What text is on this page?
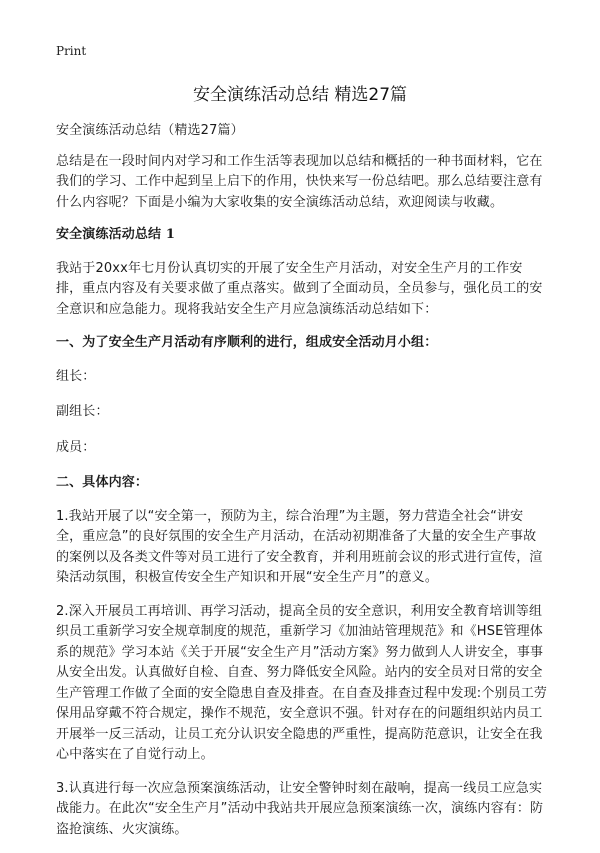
Print
安全演练活动总结 精选27篇

安全演练活动总结（精选27篇）

总结是在一段时间内对学习和工作生活等表现加以总结和概括的一种书面材料，它在我们的学习、工作中起到呈上启下的作用，快快来写一份总结吧。那么总结要注意有什么内容呢？下面是小编为大家收集的安全演练活动总结，欢迎阅读与收藏。

安全演练活动总结 1

我站于20xx年七月份认真切实的开展了安全生产月活动，对安全生产月的工作安排，重点内容及有关要求做了重点落实。做到了全面动员，全员参与，强化员工的安全意识和应急能力。现将我站安全生产月应急演练活动总结如下：

一、为了安全生产月活动有序顺利的进行，组成安全活动月小组：

组长：

副组长：

成员：

二、具体内容：

1.我站开展了以“安全第一，预防为主，综合治理”为主题，努力营造全社会“讲安全，重应急”的良好氛围的安全生产月活动，在活动初期准备了大量的安全生产事故的案例以及各类文件等对员工进行了安全教育，并利用班前会议的形式进行宣传，渲染活动氛围，积极宣传安全生产知识和开展“安全生产月”的意义。

2.深入开展员工再培训、再学习活动，提高全员的安全意识，利用安全教育培训等组织员工重新学习安全规章制度的规范，重新学习《加油站管理规范》和《HSE管理体系的规范》学习本站《关于开展“安全生产月”活动方案》努力做到人人讲安全，事事从安全出发。认真做好自检、自查、努力降低安全风险。站内的安全员对日常的安全生产管理工作做了全面的安全隐患自查及排查。在自查及排查过程中发现:个别员工劳保用品穿戴不符合规定，操作不规范，安全意识不强。针对存在的问题组织站内员工开展举一反三活动，让员工充分认识安全隐患的严重性，提高防范意识，让安全在我心中落实在了自觉行动上。

3.认真进行每一次应急预案演练活动，让安全警钟时刻在敲响，提高一线员工应急实战能力。在此次“安全生产月”活动中我站共开展应急预案演练一次，演练内容有：防盗抢演练、火灾演练。
